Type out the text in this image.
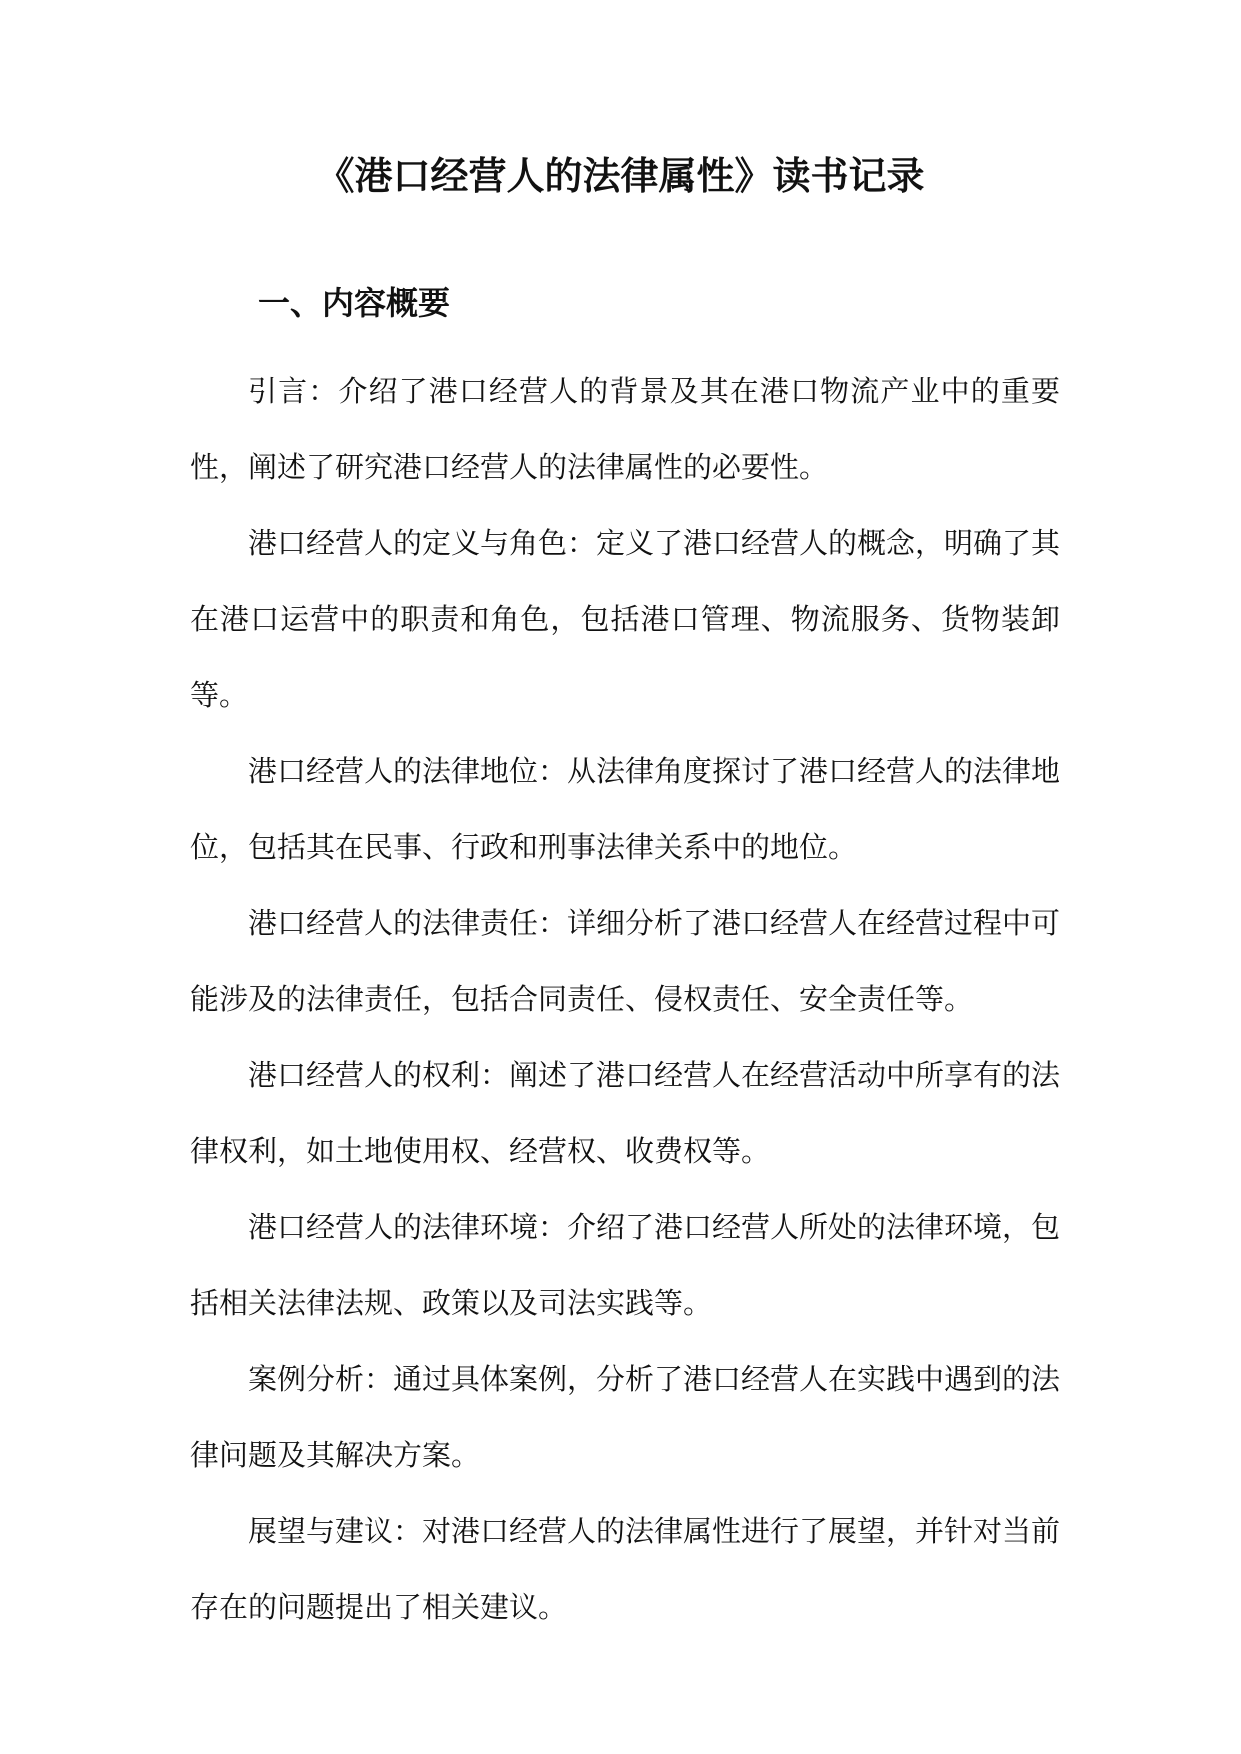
《港口经营人的法律属性》读书记录
一、内容概要

引言：介绍了港口经营人的背景及其在港口物流产业中的重要性，阐述了研究港口经营人的法律属性的必要性。

港口经营人的定义与角色：定义了港口经营人的概念，明确了其在港口运营中的职责和角色，包括港口管理、物流服务、货物装卸等。

港口经营人的法律地位：从法律角度探讨了港口经营人的法律地位，包括其在民事、行政和刑事法律关系中的地位。

港口经营人的法律责任：详细分析了港口经营人在经营过程中可能涉及的法律责任，包括合同责任、侵权责任、安全责任等。

港口经营人的权利：阐述了港口经营人在经营活动中所享有的法律权利，如土地使用权、经营权、收费权等。

港口经营人的法律环境：介绍了港口经营人所处的法律环境，包括相关法律法规、政策以及司法实践等。

案例分析：通过具体案例，分析了港口经营人在实践中遇到的法律问题及其解决方案。

展望与建议：对港口经营人的法律属性进行了展望，并针对当前存在的问题提出了相关建议。
